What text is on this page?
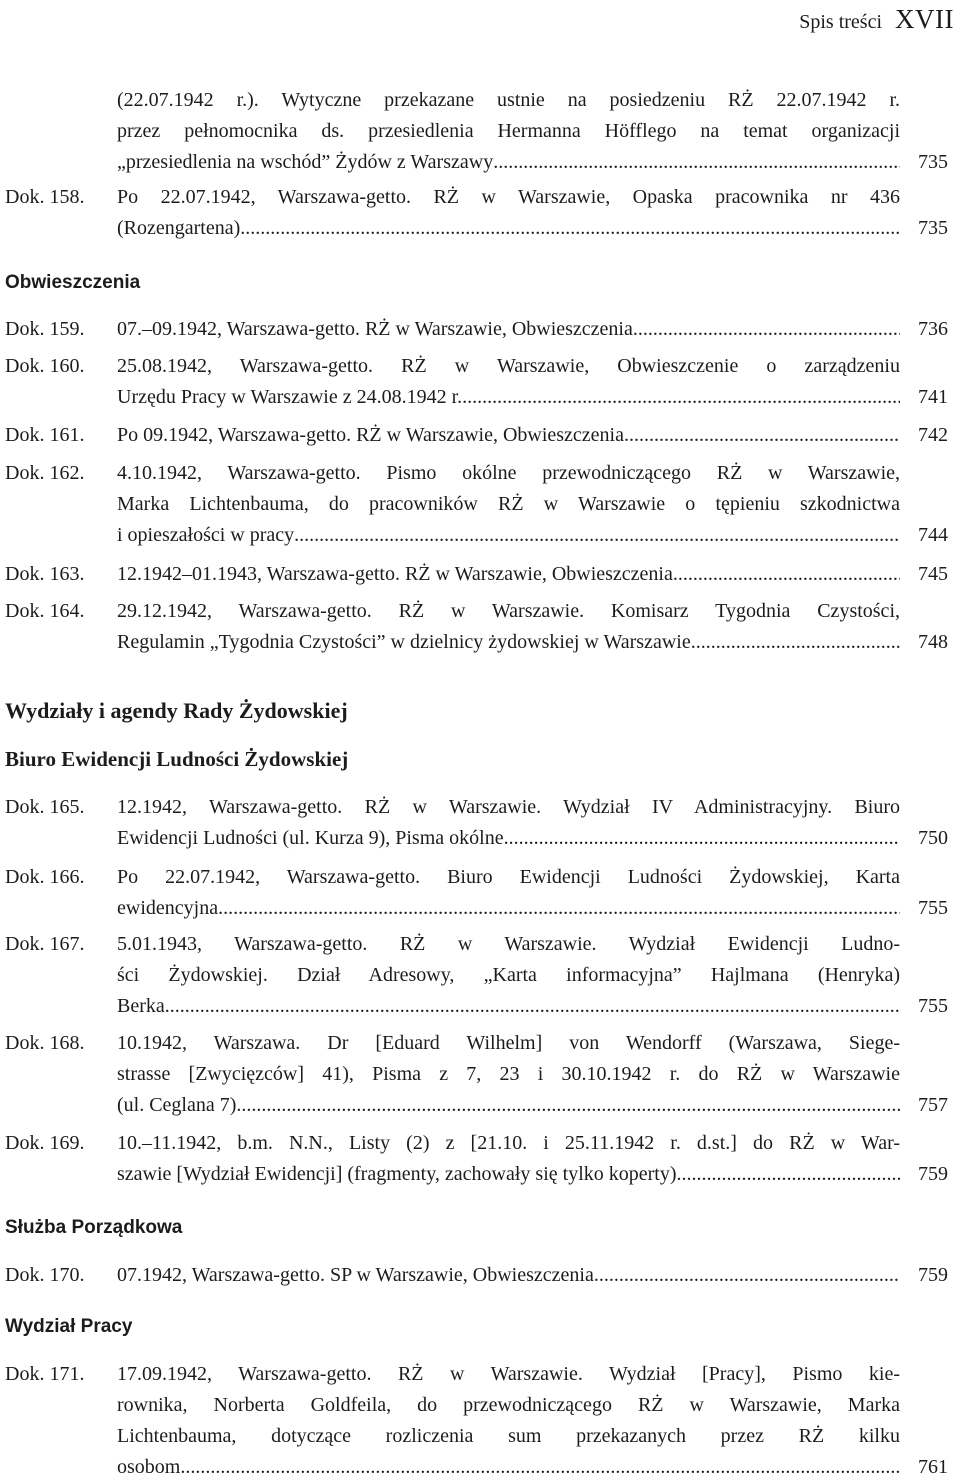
Spis treści XVII
(22.07.1942 r.). Wytyczne przekazane ustnie na posiedzeniu RŻ 22.07.1942 r.
przez pełnomocnika ds. przesiedlenia Hermanna Höfflego na temat organizacji
„przesiedlenia na wschód” Żydów z Warszawy .....	735
Dok. 158. Po 22.07.1942, Warszawa-getto. RŻ w Warszawie, Opaska pracownika nr 436
(Rozengartena) .....	735
Obwieszczenia
Dok. 159. 07.–09.1942, Warszawa-getto. RŻ w Warszawie, Obwieszczenia .....	736
Dok. 160. 25.08.1942, Warszawa-getto. RŻ w Warszawie, Obwieszczenie o zarządzeniu
Urzędu Pracy w Warszawie z 24.08.1942 r. .....	741
Dok. 161. Po 09.1942, Warszawa-getto. RŻ w Warszawie, Obwieszczenia .....	742
Dok. 162. 4.10.1942, Warszawa-getto. Pismo okólne przewodniczącego RŻ w Warszawie,
Marka Lichtenbauma, do pracowników RŻ w Warszawie o tępieniu szkodnictwa
i opieszałości w pracy .....	744
Dok. 163. 12.1942–01.1943, Warszawa-getto. RŻ w Warszawie, Obwieszczenia .....	745
Dok. 164. 29.12.1942, Warszawa-getto. RŻ w Warszawie. Komisarz Tygodnia Czystości,
Regulamin „Tygodnia Czystości” w dzielnicy żydowskiej w Warszawie .....	748
Wydziały i agendy Rady Żydowskiej
Biuro Ewidencji Ludności Żydowskiej
Dok. 165. 12.1942, Warszawa-getto. RŻ w Warszawie. Wydział IV Administracyjny. Biuro
Ewidencji Ludności (ul. Kurza 9), Pisma okólne .....	750
Dok. 166. Po 22.07.1942, Warszawa-getto. Biuro Ewidencji Ludności Żydowskiej, Karta
ewidencyjna .....	755
Dok. 167. 5.01.1943, Warszawa-getto. RŻ w Warszawie. Wydział Ewidencji Ludno-
ści Żydowskiej. Dział Adresowy, „Karta informacyjna” Hajlmana (Henryka)
Berka .....	755
Dok. 168. 10.1942, Warszawa. Dr [Eduard Wilhelm] von Wendorff (Warszawa, Siege-
strasse [Zwycięzców] 41), Pisma z 7, 23 i 30.10.1942 r. do RŻ w Warszawie
(ul. Ceglana 7) .....	757
Dok. 169. 10.–11.1942, b.m. N.N., Listy (2) z [21.10. i 25.11.1942 r. d.st.] do RŻ w War-
szawie [Wydział Ewidencji] (fragmenty, zachowały się tylko koperty) .....	759
Służba Porządkowa
Dok. 170. 07.1942, Warszawa-getto. SP w Warszawie, Obwieszczenia .....	759
Wydział Pracy
Dok. 171. 17.09.1942, Warszawa-getto. RŻ w Warszawie. Wydział [Pracy], Pismo kie-
rownika, Norberta Goldfeila, do przewodniczącego RŻ w Warszawie, Marka
Lichtenbauma, dotyczące rozliczenia sum przekazanych przez RŻ kilku
osobom .....	761
